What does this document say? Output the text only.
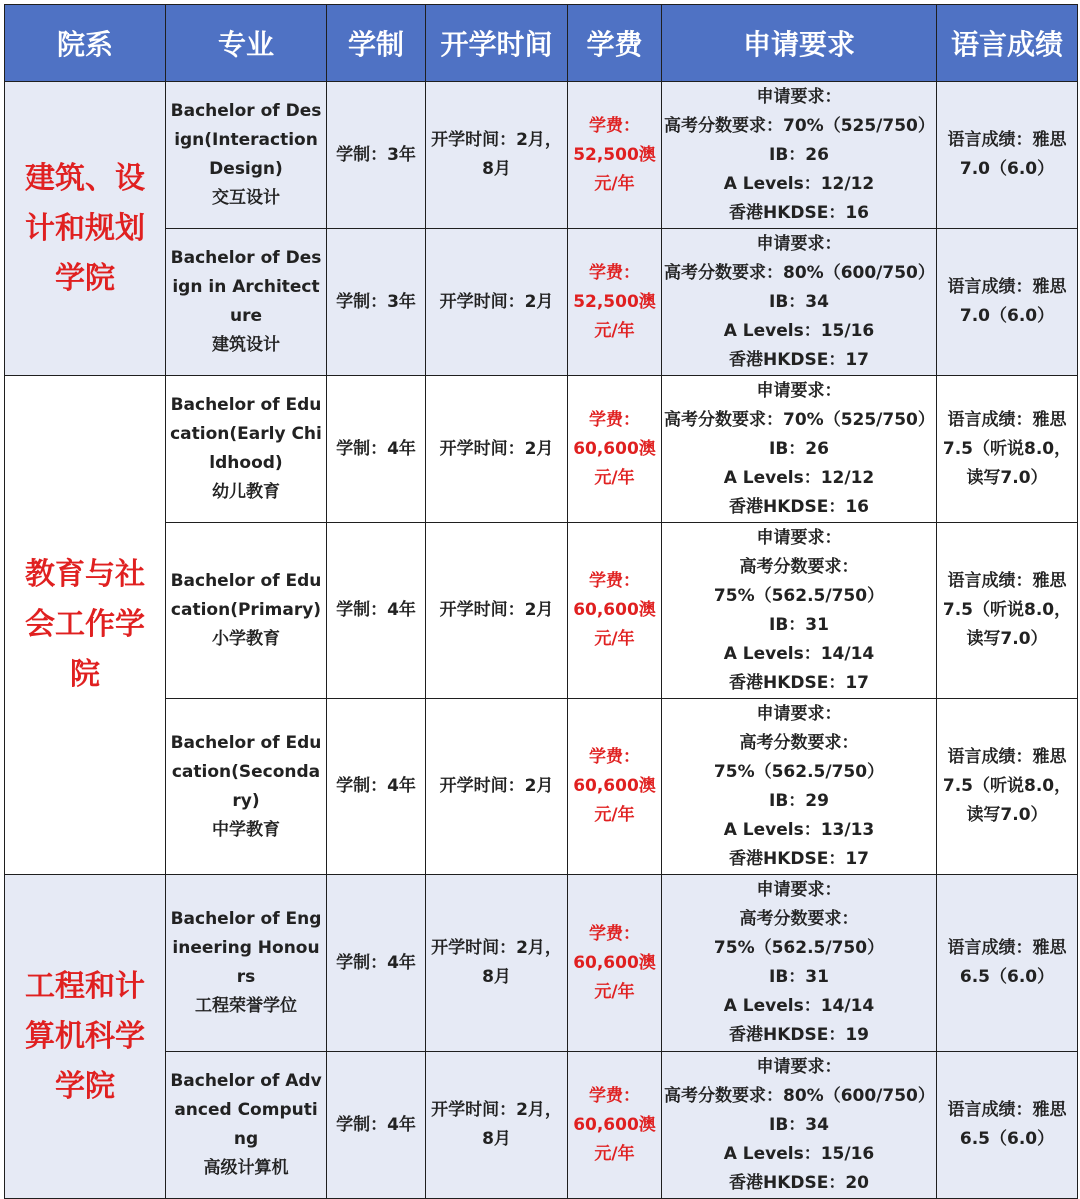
院系	专业	学制	开学时间	学费	申请要求	语言成绩
建筑、设计和规划学院	Bachelor of Design(Interaction Design)
交互设计	学制：3年	开学时间：2月，8月	学费：52,500澳元/年	申请要求：
高考分数要求：70%（525/750）
IB：26
A Levels：12/12
香港HKDSE：16	语言成绩：雅思7.0（6.0）

	Bachelor of Design in Architecture
建筑设计	学制：3年	开学时间：2月	学费：52,500澳元/年	申请要求：
高考分数要求：80%（600/750）
IB：34
A Levels：15/16
香港HKDSE：17	语言成绩：雅思7.0（6.0）
教育与社会工作学院	Bachelor of Education(Early Childhood)
幼儿教育	学制：4年	开学时间：2月	学费：60,600澳元/年	申请要求：
高考分数要求：70%（525/750）
IB：26
A Levels：12/12
香港HKDSE：16	语言成绩：雅思7.5（听说8.0，读写7.0）

	Bachelor of Education(Primary)
小学教育	学制：4年	开学时间：2月	学费：60,600澳元/年	申请要求：
高考分数要求：75%（562.5/750）
IB：31
A Levels：14/14
香港HKDSE：17	语言成绩：雅思7.5（听说8.0，读写7.0）

	Bachelor of Education(Secondary)
中学教育	学制：4年	开学时间：2月	学费：60,600澳元/年	申请要求：
高考分数要求：75%（562.5/750）
IB：29
A Levels：13/13
香港HKDSE：17	语言成绩：雅思7.5（听说8.0，读写7.0）
工程和计算机科学学院	Bachelor of Engineering Honours
工程荣誉学位	学制：4年	开学时间：2月，8月	学费：60,600澳元/年	申请要求：
高考分数要求：75%（562.5/750）
IB：31
A Levels：14/14
香港HKDSE：19	语言成绩：雅思6.5（6.0）

	Bachelor of Advanced Computing
高级计算机	学制：4年	开学时间：2月，8月	学费：60,600澳元/年	申请要求：
高考分数要求：80%（600/750）
IB：34
A Levels：15/16
香港HKDSE：20	语言成绩：雅思6.5（6.0）
